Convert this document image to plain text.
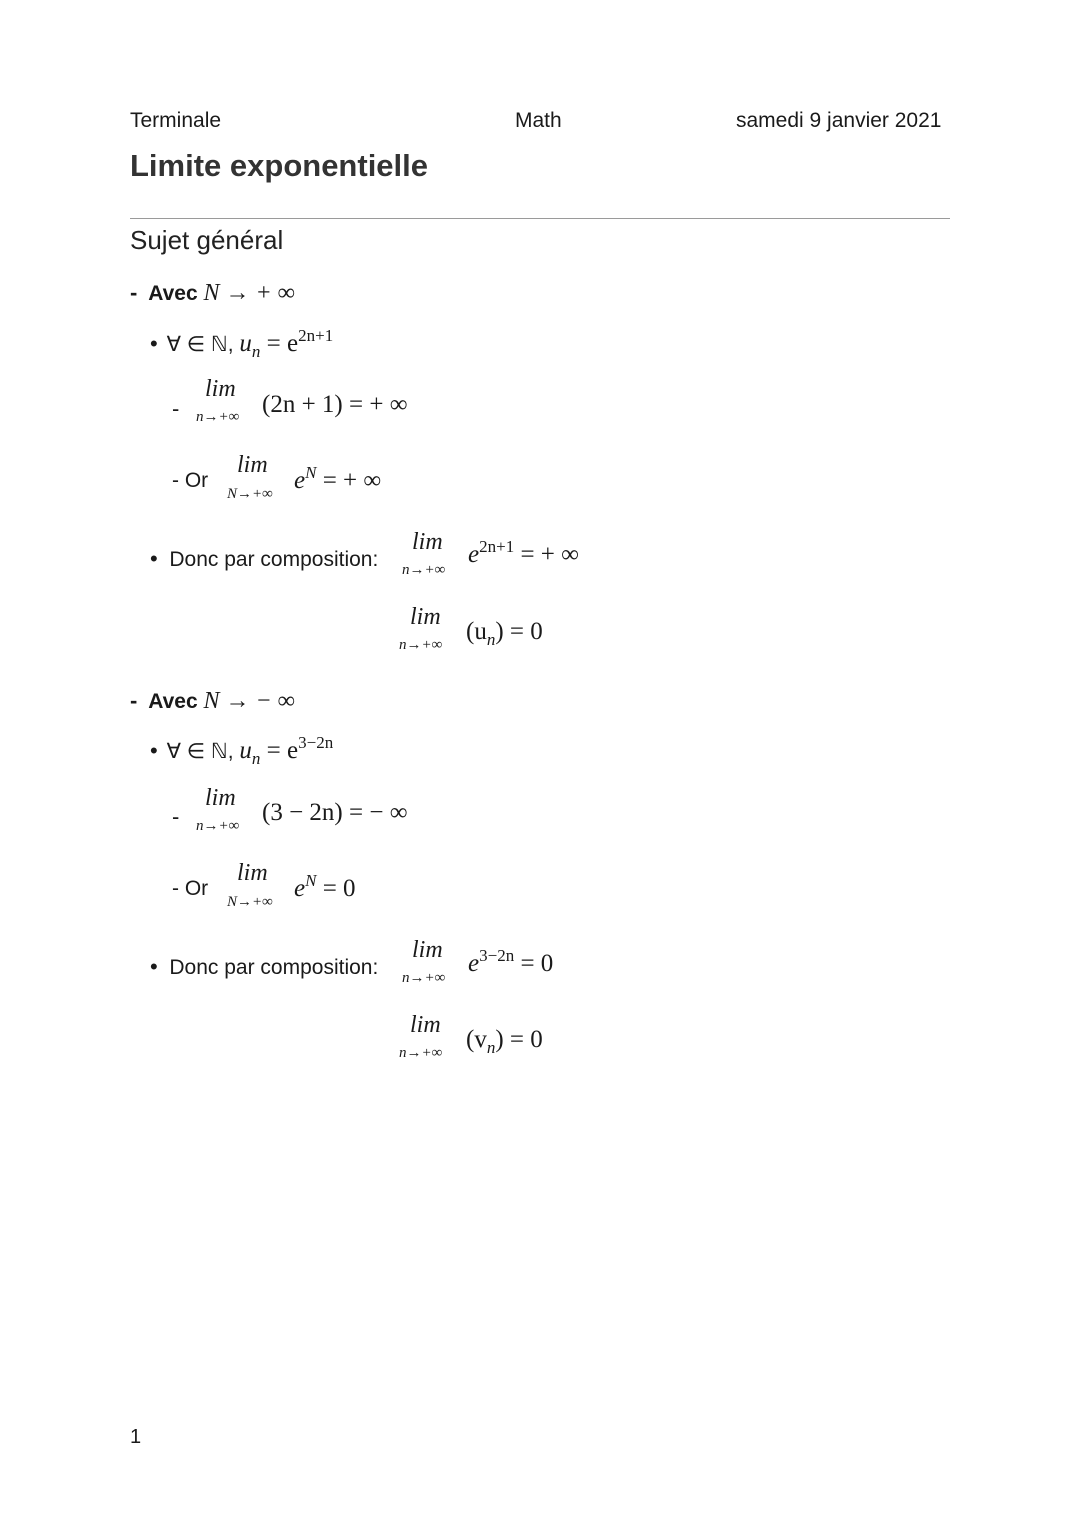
Terminale	Math	samedi 9 janvier 2021
Limite exponentielle
Sujet général
- Avec N → + ∞
• ∀ ∈ ℕ, $u_n = e^{2n+1}$
-
lim
n→+∞ (2n + 1) = + ∞
- Or
lim
N→+∞ $e^N$ = + ∞
• Donc par composition:
lim
n→+∞
$e^{2n+1}$ = + ∞
lim
n→+∞ $(u_n) = 0$
- Avec N → − ∞
• ∀ ∈ ℕ, $u_n = e^{3-2n}$
-
lim
n→+∞ (3 − 2n) = − ∞
- Or
lim
N→+∞ $e^N = 0$
• Donc par composition:
lim
n→+∞
$e^{3-2n} = 0$
lim
n→+∞ $(v_n) = 0$
1
